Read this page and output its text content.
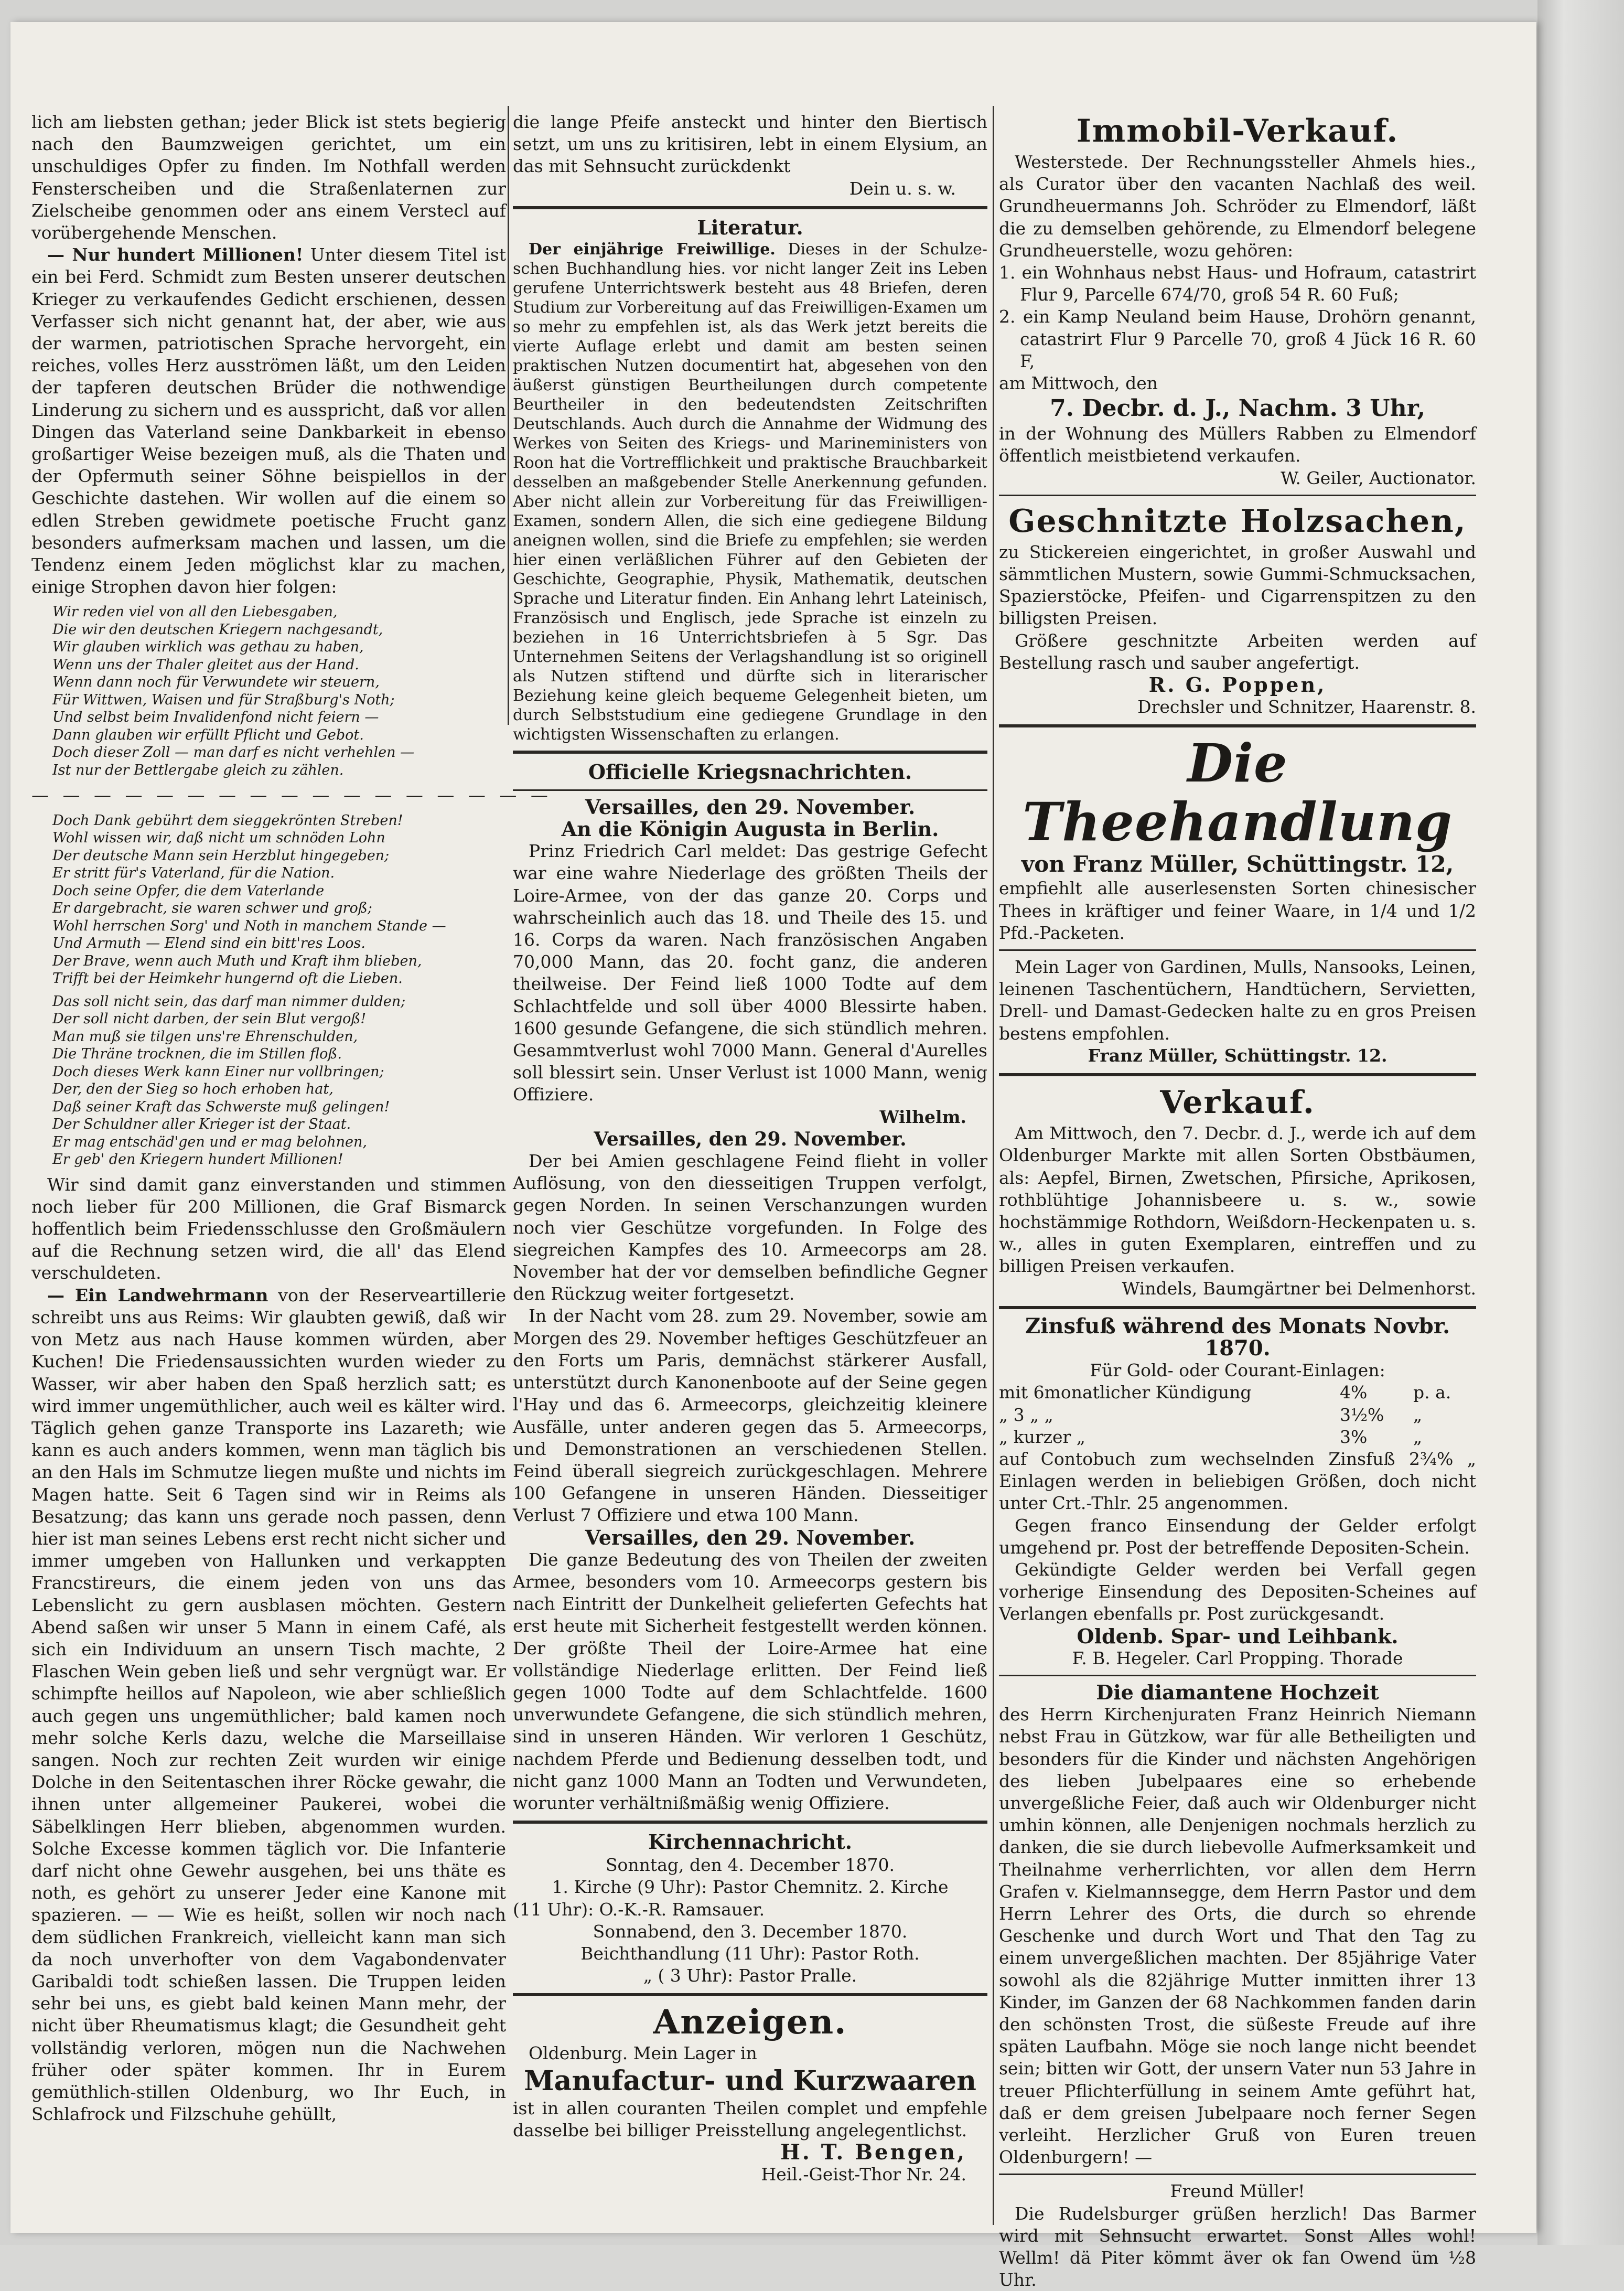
lich am liebsten gethan; jeder Blick ist stets begierig nach den Baumzweigen gerichtet, um ein unschuldiges Opfer zu finden. Im Nothfall werden Fensterscheiben und die Straßenlaternen zur Zielscheibe genommen oder ans einem Verstecl auf vorübergehende Menschen.

— Nur hundert Millionen! Unter diesem Titel ist ein bei Ferd. Schmidt zum Besten unserer deutschen Krieger zu verkaufendes Gedicht erschienen, dessen Verfasser sich nicht genannt hat, der aber, wie aus der warmen, patriotischen Sprache hervorgeht, ein reiches, volles Herz ausströmen läßt, um den Leiden der tapferen deutschen Brüder die nothwendige Linderung zu sichern und es ausspricht, daß vor allen Dingen das Vaterland seine Dankbarkeit in ebenso großartiger Weise bezeigen muß, als die Thaten und der Opfermuth seiner Söhne beispiellos in der Geschichte dastehen. Wir wollen auf die einem so edlen Streben gewidmete poetische Frucht ganz besonders aufmerksam machen und lassen, um die Tendenz einem Jeden möglichst klar zu machen, einige Strophen davon hier folgen:

Wir reden viel von all den Liebesgaben,

Die wir den deutschen Kriegern nachgesandt,

Wir glauben wirklich was gethau zu haben,

Wenn uns der Thaler gleitet aus der Hand.

Wenn dann noch für Verwundete wir steuern,

Für Wittwen, Waisen und für Straßburg's Noth;

Und selbst beim Invalidenfond nicht feiern —

Dann glauben wir erfüllt Pflicht und Gebot.

Doch dieser Zoll — man darf es nicht verhehlen —

Ist nur der Bettlergabe gleich zu zählen.

— — — — — — — — — — — — — — — — —

Doch Dank gebührt dem sieggekrönten Streben!

Wohl wissen wir, daß nicht um schnöden Lohn

Der deutsche Mann sein Herzblut hingegeben;

Er stritt für's Vaterland, für die Nation.

Doch seine Opfer, die dem Vaterlande

Er dargebracht, sie waren schwer und groß;

Wohl herrschen Sorg' und Noth in manchem Stande —

Und Armuth — Elend sind ein bitt'res Loos.

Der Brave, wenn auch Muth und Kraft ihm blieben,

Trifft bei der Heimkehr hungernd oft die Lieben.

Das soll nicht sein, das darf man nimmer dulden;

Der soll nicht darben, der sein Blut vergoß!

Man muß sie tilgen uns're Ehrenschulden,

Die Thräne trocknen, die im Stillen floß.

Doch dieses Werk kann Einer nur vollbringen;

Der, den der Sieg so hoch erhoben hat,

Daß seiner Kraft das Schwerste muß gelingen!

Der Schuldner aller Krieger ist der Staat.

Er mag entschäd'gen und er mag belohnen,

Er geb' den Kriegern hundert Millionen!

Wir sind damit ganz einverstanden und stimmen noch lieber für 200 Millionen, die Graf Bismarck hoffentlich beim Friedensschlusse den Großmäulern auf die Rechnung setzen wird, die all' das Elend verschuldeten.

— Ein Landwehrmann von der Reserveartillerie schreibt uns aus Reims: Wir glaubten gewiß, daß wir von Metz aus nach Hause kommen würden, aber Kuchen! Die Friedensaussichten wurden wieder zu Wasser, wir aber haben den Spaß herzlich satt; es wird immer ungemüthlicher, auch weil es kälter wird. Täglich gehen ganze Transporte ins Lazareth; wie kann es auch anders kommen, wenn man täglich bis an den Hals im Schmutze liegen mußte und nichts im Magen hatte. Seit 6 Tagen sind wir in Reims als Besatzung; das kann uns gerade noch passen, denn hier ist man seines Lebens erst recht nicht sicher und immer umgeben von Hallunken und verkappten Francstireurs, die einem jeden von uns das Lebenslicht zu gern ausblasen möchten. Gestern Abend saßen wir unser 5 Mann in einem Café, als sich ein Individuum an unsern Tisch machte, 2 Flaschen Wein geben ließ und sehr vergnügt war. Er schimpfte heillos auf Napoleon, wie aber schließlich auch gegen uns ungemüthlicher; bald kamen noch mehr solche Kerls dazu, welche die Marseillaise sangen. Noch zur rechten Zeit wurden wir einige Dolche in den Seitentaschen ihrer Röcke gewahr, die ihnen unter allgemeiner Paukerei, wobei die Säbelklingen Herr blieben, abgenommen wurden. Solche Excesse kommen täglich vor. Die Infanterie darf nicht ohne Gewehr ausgehen, bei uns thäte es noth, es gehört zu unserer Jeder eine Kanone mit spazieren. — — Wie es heißt, sollen wir noch nach dem südlichen Frankreich, vielleicht kann man sich da noch unverhofter von dem Vagabondenvater Garibaldi todt schießen lassen. Die Truppen leiden sehr bei uns, es giebt bald keinen Mann mehr, der nicht über Rheumatismus klagt; die Gesundheit geht vollständig verloren, mögen nun die Nachwehen früher oder später kommen. Ihr in Eurem gemüthlich-stillen Oldenburg, wo Ihr Euch, in Schlafrock und Filzschuhe gehüllt,

die lange Pfeife ansteckt und hinter den Biertisch setzt, um uns zu kritisiren, lebt in einem Elysium, an das mit Sehnsucht zurückdenkt

Dein u. s. w.

Literatur.

Der einjährige Freiwillige. Dieses in der Schulze-schen Buchhandlung hies. vor nicht langer Zeit ins Leben gerufene Unterrichtswerk besteht aus 48 Briefen, deren Studium zur Vorbereitung auf das Freiwilligen-Examen um so mehr zu empfehlen ist, als das Werk jetzt bereits die vierte Auflage erlebt und damit am besten seinen praktischen Nutzen documentirt hat, abgesehen von den äußerst günstigen Beurtheilungen durch competente Beurtheiler in den bedeutendsten Zeitschriften Deutschlands. Auch durch die Annahme der Widmung des Werkes von Seiten des Kriegs- und Marineministers von Roon hat die Vortrefflichkeit und praktische Brauchbarkeit desselben an maßgebender Stelle Anerkennung gefunden. Aber nicht allein zur Vorbereitung für das Freiwilligen-Examen, sondern Allen, die sich eine gediegene Bildung aneignen wollen, sind die Briefe zu empfehlen; sie werden hier einen verläßlichen Führer auf den Gebieten der Geschichte, Geographie, Physik, Mathematik, deutschen Sprache und Literatur finden. Ein Anhang lehrt Lateinisch, Französisch und Englisch, jede Sprache ist einzeln zu beziehen in 16 Unterrichtsbriefen à 5 Sgr. Das Unternehmen Seitens der Verlagshandlung ist so originell als Nutzen stiftend und dürfte sich in literarischer Beziehung keine gleich bequeme Gelegenheit bieten, um durch Selbststudium eine gediegene Grundlage in den wichtigsten Wissenschaften zu erlangen.

Officielle Kriegsnachrichten.

Versailles, den 29. November.

An die Königin Augusta in Berlin.

Prinz Friedrich Carl meldet: Das gestrige Gefecht war eine wahre Niederlage des größten Theils der Loire-Armee, von der das ganze 20. Corps und wahrscheinlich auch das 18. und Theile des 15. und 16. Corps da waren. Nach französischen Angaben 70,000 Mann, das 20. focht ganz, die anderen theilweise. Der Feind ließ 1000 Todte auf dem Schlachtfelde und soll über 4000 Blessirte haben. 1600 gesunde Gefangene, die sich stündlich mehren. Gesammtverlust wohl 7000 Mann. General d'Aurelles soll blessirt sein. Unser Verlust ist 1000 Mann, wenig Offiziere.

Wilhelm.

Versailles, den 29. November.

Der bei Amien geschlagene Feind flieht in voller Auflösung, von den diesseitigen Truppen verfolgt, gegen Norden. In seinen Verschanzungen wurden noch vier Geschütze vorgefunden. In Folge des siegreichen Kampfes des 10. Armeecorps am 28. November hat der vor demselben befindliche Gegner den Rückzug weiter fortgesetzt.

In der Nacht vom 28. zum 29. November, sowie am Morgen des 29. November heftiges Geschützfeuer an den Forts um Paris, demnächst stärkerer Ausfall, unterstützt durch Kanonenboote auf der Seine gegen l'Hay und das 6. Armeecorps, gleichzeitig kleinere Ausfälle, unter anderen gegen das 5. Armeecorps, und Demonstrationen an verschiedenen Stellen. Feind überall siegreich zurückgeschlagen. Mehrere 100 Gefangene in unseren Händen. Diesseitiger Verlust 7 Offiziere und etwa 100 Mann.

Versailles, den 29. November.

Die ganze Bedeutung des von Theilen der zweiten Armee, besonders vom 10. Armeecorps gestern bis nach Eintritt der Dunkelheit gelieferten Gefechts hat erst heute mit Sicherheit festgestellt werden können. Der größte Theil der Loire-Armee hat eine vollständige Niederlage erlitten. Der Feind ließ gegen 1000 Todte auf dem Schlachtfelde. 1600 unverwundete Gefangene, die sich stündlich mehren, sind in unseren Händen. Wir verloren 1 Geschütz, nachdem Pferde und Bedienung desselben todt, und nicht ganz 1000 Mann an Todten und Verwundeten, worunter verhältnißmäßig wenig Offiziere.

Kirchennachricht.

Sonntag, den 4. December 1870.

1. Kirche (9 Uhr): Pastor Chemnitz. 2. Kirche

(11 Uhr): O.-K.-R. Ramsauer.

Sonnabend, den 3. December 1870.

Beichthandlung (11 Uhr): Pastor Roth.

„ ( 3 Uhr): Pastor Pralle.

Anzeigen.

Oldenburg. Mein Lager in

Manufactur- und Kurzwaaren

ist in allen couranten Theilen complet und empfehle dasselbe bei billiger Preisstellung angelegentlichst.

H. T. Bengen,

Heil.-Geist-Thor Nr. 24.

Immobil-Verkauf.

Westerstede. Der Rechnungssteller Ahmels hies., als Curator über den vacanten Nachlaß des weil. Grundheuermanns Joh. Schröder zu Elmendorf, läßt die zu demselben gehörende, zu Elmendorf belegene Grundheuerstelle, wozu gehören:

1. ein Wohnhaus nebst Haus- und Hofraum, catastrirt Flur 9, Parcelle 674/70, groß 54 R. 60 Fuß;

2. ein Kamp Neuland beim Hause, Drohörn genannt, catastrirt Flur 9 Parcelle 70, groß 4 Jück 16 R. 60 F,

am Mittwoch, den

7. Decbr. d. J., Nachm. 3 Uhr,

in der Wohnung des Müllers Rabben zu Elmendorf öffentlich meistbietend verkaufen.

W. Geiler, Auctionator.

Geschnitzte Holzsachen,

zu Stickereien eingerichtet, in großer Auswahl und sämmtlichen Mustern, sowie Gummi-Schmucksachen, Spazierstöcke, Pfeifen- und Cigarrenspitzen zu den billigsten Preisen.

Größere geschnitzte Arbeiten werden auf Bestellung rasch und sauber angefertigt.

R. G. Poppen,

Drechsler und Schnitzer, Haarenstr. 8.

Die Theehandlung

von Franz Müller, Schüttingstr. 12,

empfiehlt alle auserlesensten Sorten chinesischer Thees in kräftiger und feiner Waare, in 1/4 und 1/2 Pfd.-Packeten.

Mein Lager von Gardinen, Mulls, Nansooks, Leinen, leinenen Taschentüchern, Handtüchern, Servietten, Drell- und Damast-Gedecken halte zu en gros Preisen bestens empfohlen.

Franz Müller, Schüttingstr. 12.

Verkauf.

Am Mittwoch, den 7. Decbr. d. J., werde ich auf dem Oldenburger Markte mit allen Sorten Obstbäumen, als: Aepfel, Birnen, Zwetschen, Pfirsiche, Aprikosen, rothblühtige Johannisbeere u. s. w., sowie hochstämmige Rothdorn, Weißdorn-Heckenpaten u. s. w., alles in guten Exemplaren, eintreffen und zu billigen Preisen verkaufen.

Windels, Baumgärtner bei Delmenhorst.

Zinsfuß während des Monats Novbr.

1870.

Für Gold- oder Courant-Einlagen:

mit 6monatlicher Kündigung	4%	p. a.
„ 3 „ „	3½%	„
„ kurzer „	3%	„

auf Contobuch zum wechselnden Zinsfuß 2¾% „ Einlagen werden in beliebigen Größen, doch nicht unter Crt.-Thlr. 25 angenommen.

Gegen franco Einsendung der Gelder erfolgt umgehend pr. Post der betreffende Depositen-Schein.

Gekündigte Gelder werden bei Verfall gegen vorherige Einsendung des Depositen-Scheines auf Verlangen ebenfalls pr. Post zurückgesandt.

Oldenb. Spar- und Leihbank.

F. B. Hegeler. Carl Propping. Thorade

Die diamantene Hochzeit

des Herrn Kirchenjuraten Franz Heinrich Niemann nebst Frau in Gützkow, war für alle Betheiligten und besonders für die Kinder und nächsten Angehörigen des lieben Jubelpaares eine so erhebende unvergeßliche Feier, daß auch wir Oldenburger nicht umhin können, alle Denjenigen nochmals herzlich zu danken, die sie durch liebevolle Aufmerksamkeit und Theilnahme verherrlichten, vor allen dem Herrn Grafen v. Kielmannsegge, dem Herrn Pastor und dem Herrn Lehrer des Orts, die durch so ehrende Geschenke und durch Wort und That den Tag zu einem unvergeßlichen machten. Der 85jährige Vater sowohl als die 82jährige Mutter inmitten ihrer 13 Kinder, im Ganzen der 68 Nachkommen fanden darin den schönsten Trost, die süßeste Freude auf ihre späten Laufbahn. Möge sie noch lange nicht beendet sein; bitten wir Gott, der unsern Vater nun 53 Jahre in treuer Pflichterfüllung in seinem Amte geführt hat, daß er dem greisen Jubelpaare noch ferner Segen verleiht. Herzlicher Gruß von Euren treuen Oldenburgern! —

Freund Müller!

Die Rudelsburger grüßen herzlich! Das Barmer wird mit Sehnsucht erwartet. Sonst Alles wohl! Wellm! dä Piter kömmt äver ok fan Owend üm ½8 Uhr.
